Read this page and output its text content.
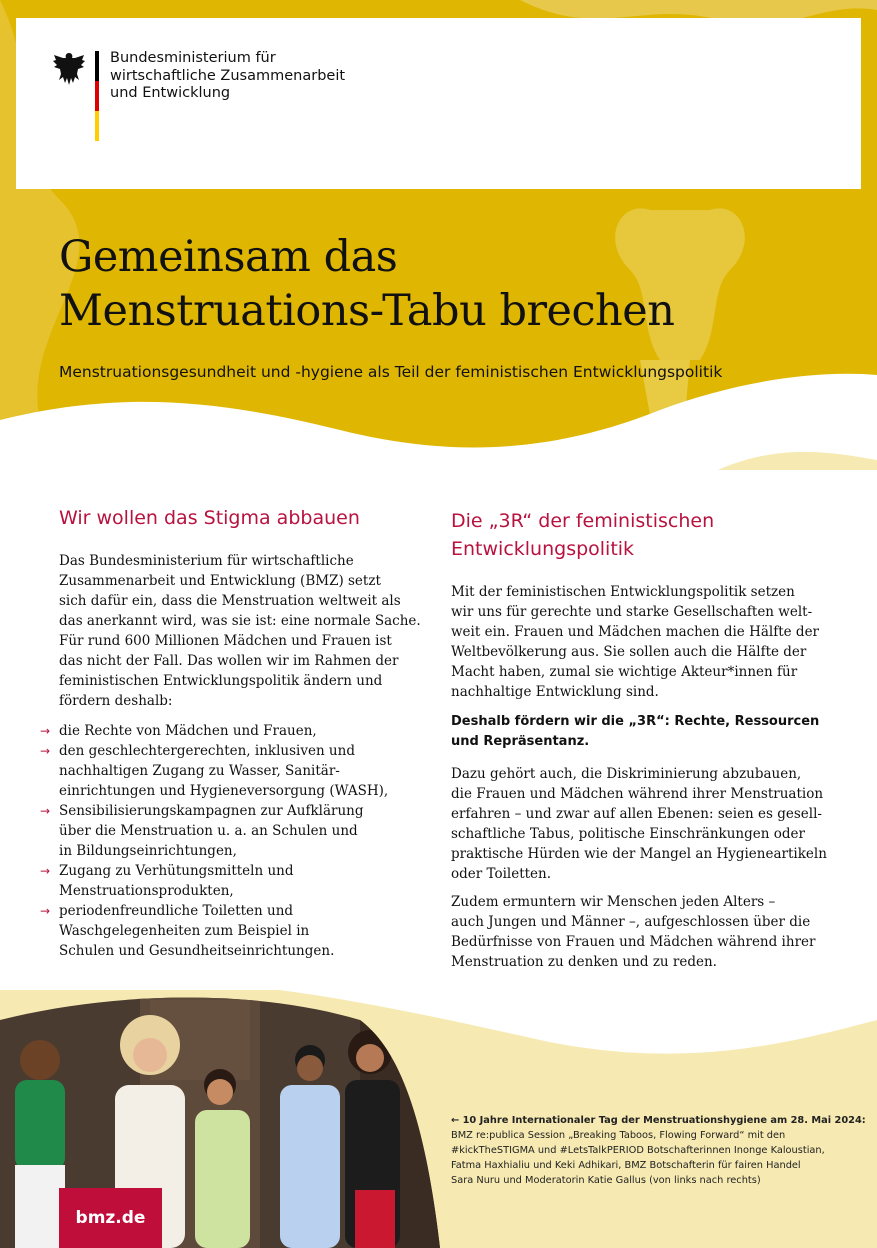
Bundesministerium für
wirtschaftliche Zusammenarbeit
und Entwicklung
Gemeinsam das
Menstruations-Tabu brechen
Menstruationsgesundheit und -hygiene als Teil der feministischen Entwicklungspolitik
Wir wollen das Stigma abbauen
Das Bundesministerium für wirtschaftliche
Zusammenarbeit und Entwicklung (BMZ) setzt
sich dafür ein, dass die Menstruation weltweit als
das anerkannt wird, was sie ist: eine normale Sache.
Für rund 600 Millionen Mädchen und Frauen ist
das nicht der Fall. Das wollen wir im Rahmen der
feministischen Entwicklungspolitik ändern und
fördern deshalb:
→ die Rechte von Mädchen und Frauen,
→ den geschlechtergerechten, inklusiven und
nachhaltigen Zugang zu Wasser, Sanitär-
einrichtungen und Hygieneversorgung (WASH),
→ Sensibilisierungskampagnen zur Aufklärung
über die Menstruation u. a. an Schulen und
in Bildungseinrichtungen,
→ Zugang zu Verhütungsmitteln und
Menstruationsprodukten,
→ periodenfreundliche Toiletten und
Waschgelegenheiten zum Beispiel in
Schulen und Gesundheitseinrichtungen.
Die „3R“ der feministischen
Entwicklungspolitik
Mit der feministischen Entwicklungspolitik setzen
wir uns für gerechte und starke Gesellschaften welt-
weit ein. Frauen und Mädchen machen die Hälfte der
Weltbevölkerung aus. Sie sollen auch die Hälfte der
Macht haben, zumal sie wichtige Akteur*innen für
nachhaltige Entwicklung sind.
Deshalb fördern wir die „3R“: Rechte, Ressourcen
und Repräsentanz.
Dazu gehört auch, die Diskriminierung abzubauen,
die Frauen und Mädchen während ihrer Menstruation
erfahren – und zwar auf allen Ebenen: seien es gesell-
schaftliche Tabus, politische Einschränkungen oder
praktische Hürden wie der Mangel an Hygieneartikeln
oder Toiletten.
Zudem ermuntern wir Menschen jeden Alters –
auch Jungen und Männer –, aufgeschlossen über die
Bedürfnisse von Frauen und Mädchen während ihrer
Menstruation zu denken und zu reden.
bmz.de
← 10 Jahre Internationaler Tag der Menstruationshygiene am 28. Mai 2024:
BMZ re:publica Session „Breaking Taboos, Flowing Forward“ mit den
#kickTheSTIGMA und #LetsTalkPERIOD Botschafterinnen Inonge Kaloustian,
Fatma Haxhialiu und Keki Adhikari, BMZ Botschafterin für fairen Handel
Sara Nuru und Moderatorin Katie Gallus (von links nach rechts)
